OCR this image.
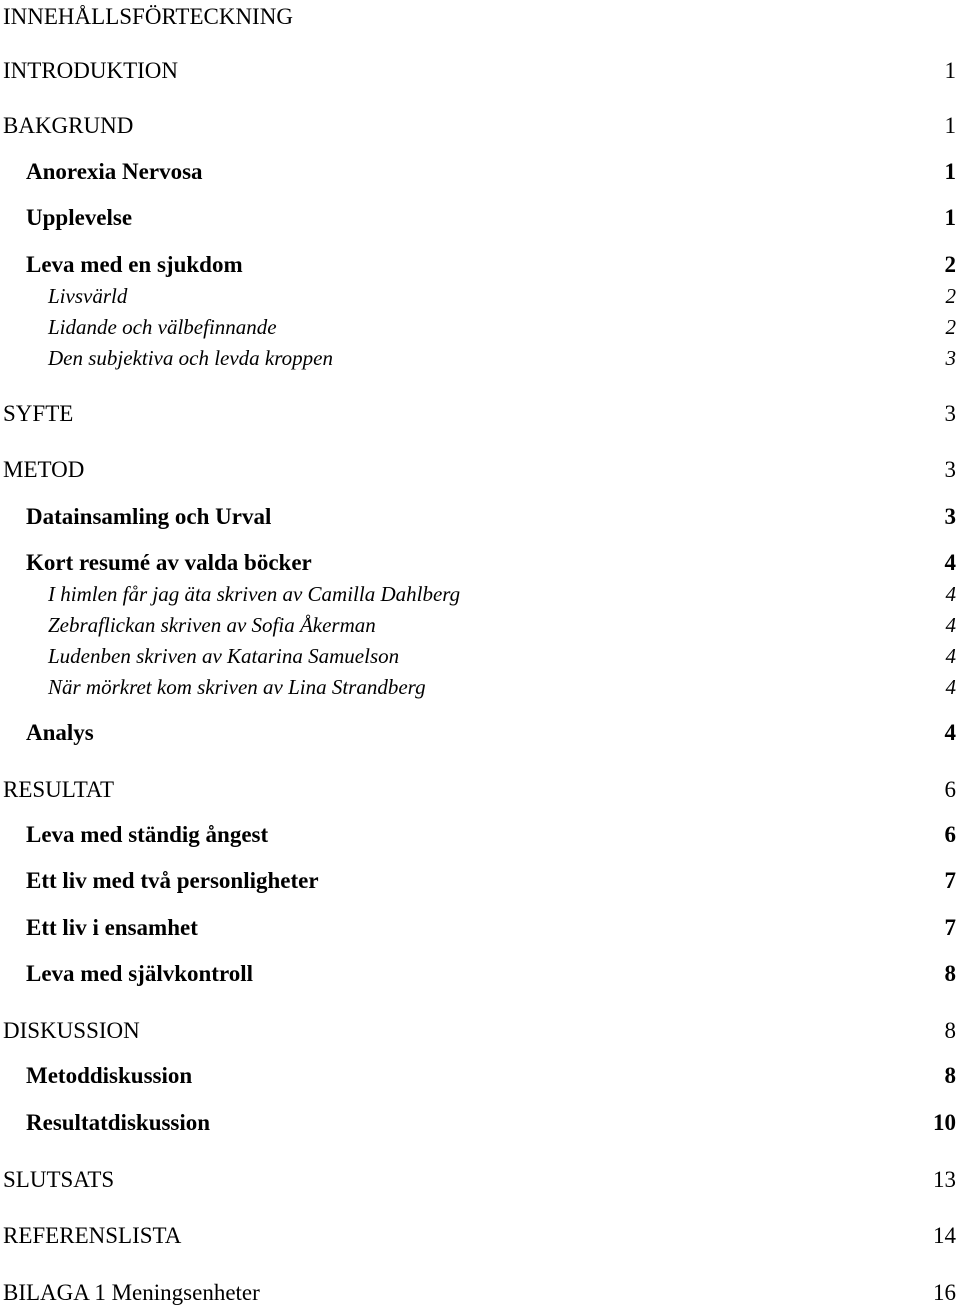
INNEHÅLLSFÖRTECKNING
INTRODUKTION	1
BAKGRUND	1
Anorexia Nervosa	1
Upplevelse	1
Leva med en sjukdom	2
Livsvärld	2
Lidande och välbefinnande	2
Den subjektiva och levda kroppen	3
SYFTE	3
METOD	3
Datainsamling och Urval	3
Kort resumé av valda böcker	4
I himlen får jag äta skriven av Camilla Dahlberg	4
Zebraflickan skriven av Sofia Åkerman	4
Ludenben skriven av Katarina Samuelson	4
När mörkret kom skriven av Lina Strandberg	4
Analys	4
RESULTAT	6
Leva med ständig ångest	6
Ett liv med två personligheter	7
Ett liv i ensamhet	7
Leva med självkontroll	8
DISKUSSION	8
Metoddiskussion	8
Resultatdiskussion	10
SLUTSATS	13
REFERENSLISTA	14
BILAGA 1 Meningsenheter	16
